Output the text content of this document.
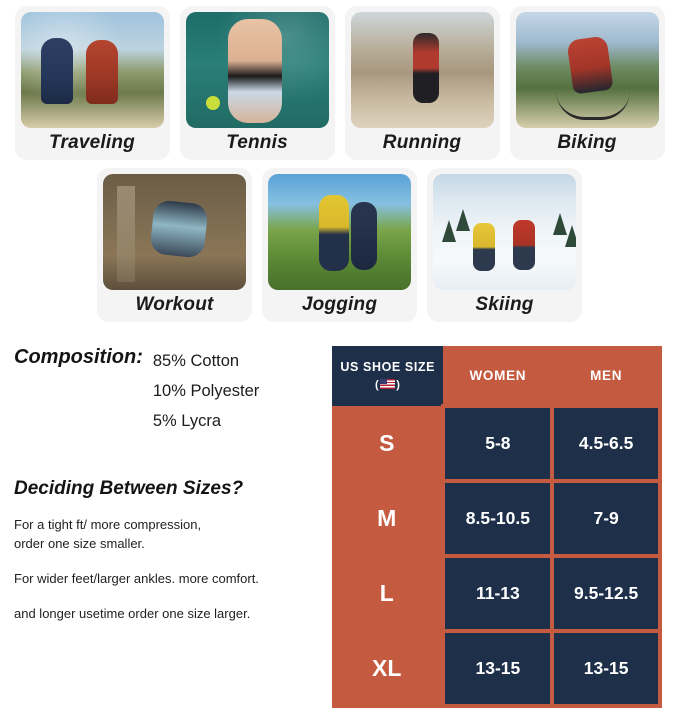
Traveling	Tennis	Running	Biking
Workout	Jogging	Skiing
Composition: 85% Cotton
10% Polyester
5% Lycra
Deciding Between Sizes?
For a tight ft/ more compression,
order one size smaller.
For wider feet/larger ankles. more comfort.
and longer usetime order one size larger.
US SHOE SIZE
( )	WOMEN	MEN
S	5-8	4.5-6.5
M	8.5-10.5	7-9
L	11-13	9.5-12.5
XL	13-15	13-15
